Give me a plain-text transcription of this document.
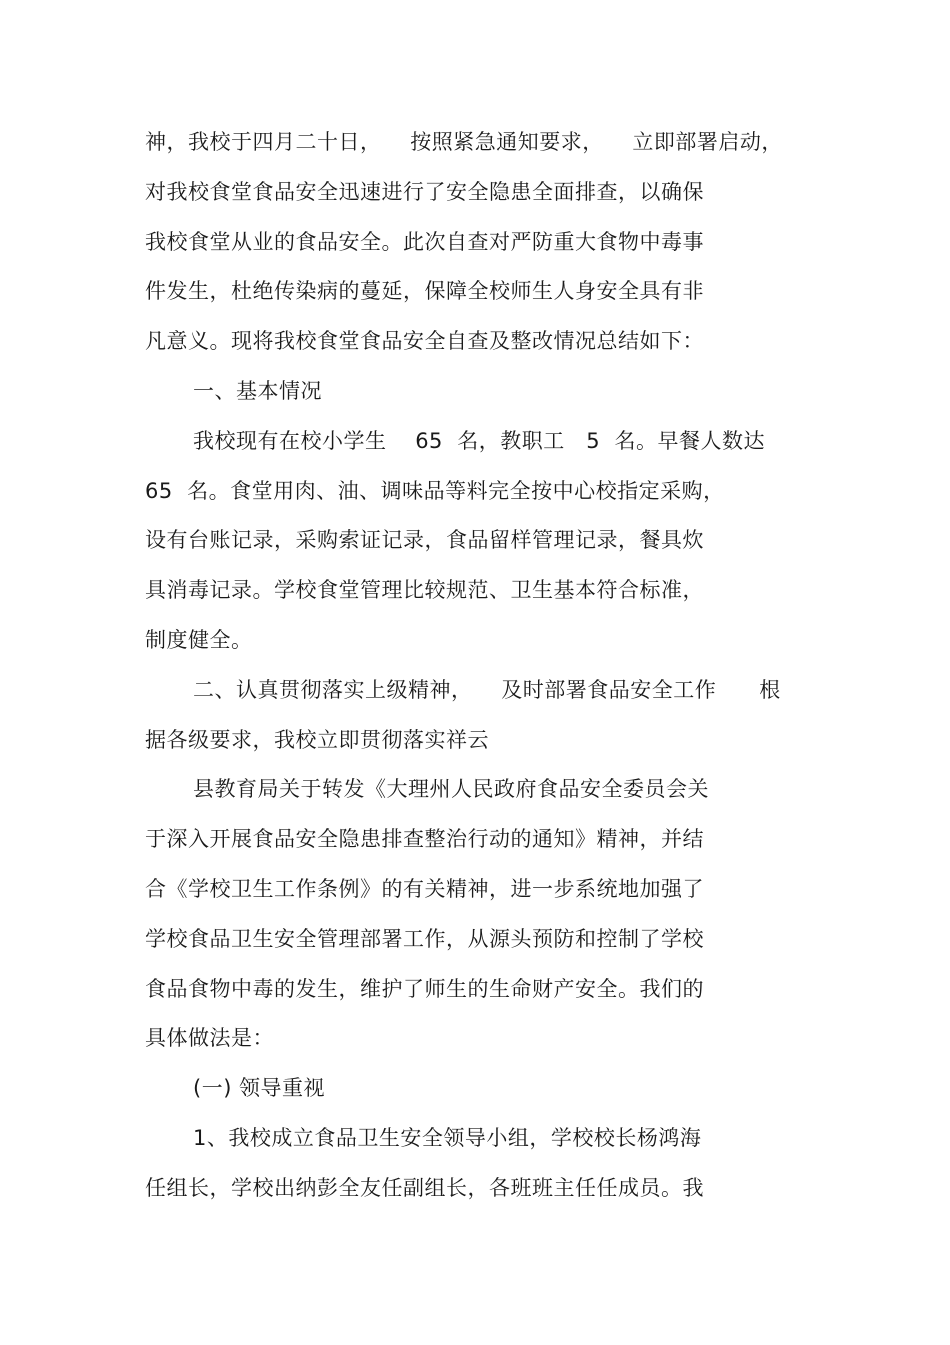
神，我校于四月二十日，    按照紧急通知要求，    立即部署启动，
对我校食堂食品安全迅速进行了安全隐患全面排查，以确保
我校食堂从业的食品安全。此次自查对严防重大食物中毒事
件发生，杜绝传染病的蔓延，保障全校师生人身安全具有非
凡意义。现将我校食堂食品安全自查及整改情况总结如下：
一、基本情况
我校现有在校小学生    65  名，教职工   5  名。早餐人数达
65  名。食堂用肉、油、调味品等料完全按中心校指定采购，
设有台账记录，采购索证记录，食品留样管理记录，餐具炊
具消毒记录。学校食堂管理比较规范、卫生基本符合标准，
制度健全。
二、认真贯彻落实上级精神，    及时部署食品安全工作      根
据各级要求，我校立即贯彻落实祥云
县教育局关于转发《大理州人民政府食品安全委员会关
于深入开展食品安全隐患排查整治行动的通知》精神，并结
合《学校卫生工作条例》的有关精神，进一步系统地加强了
学校食品卫生安全管理部署工作，从源头预防和控制了学校
食品食物中毒的发生，维护了师生的生命财产安全。我们的
具体做法是：
(一) 领导重视
1、我校成立食品卫生安全领导小组，学校校长杨鸿海
任组长，学校出纳彭全友任副组长，各班班主任任成员。我
